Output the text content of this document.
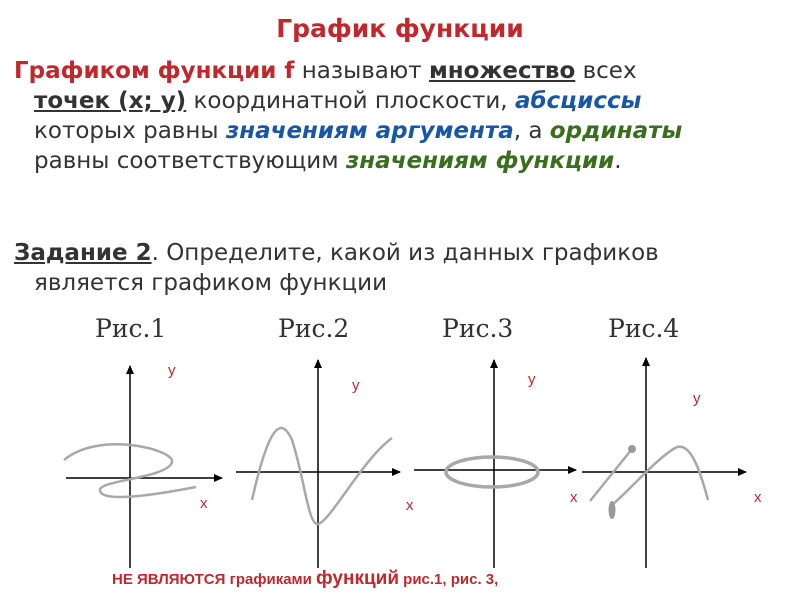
График функции
Графиком функции f называют множество всех
точек (х; у) координатной плоскости, абсциссы
которых равны значениям аргумента, а ординаты
равны соответствующим значениям функции.
Задание 2. Определите, какой из данных графиков
является графиком функции
Рис.1	Рис.2	Рис.3	Рис.4
y
x
y
x
y
x
y
x
НЕ ЯВЛЯЮТСЯ графиками функций рис.1, рис. 3,
